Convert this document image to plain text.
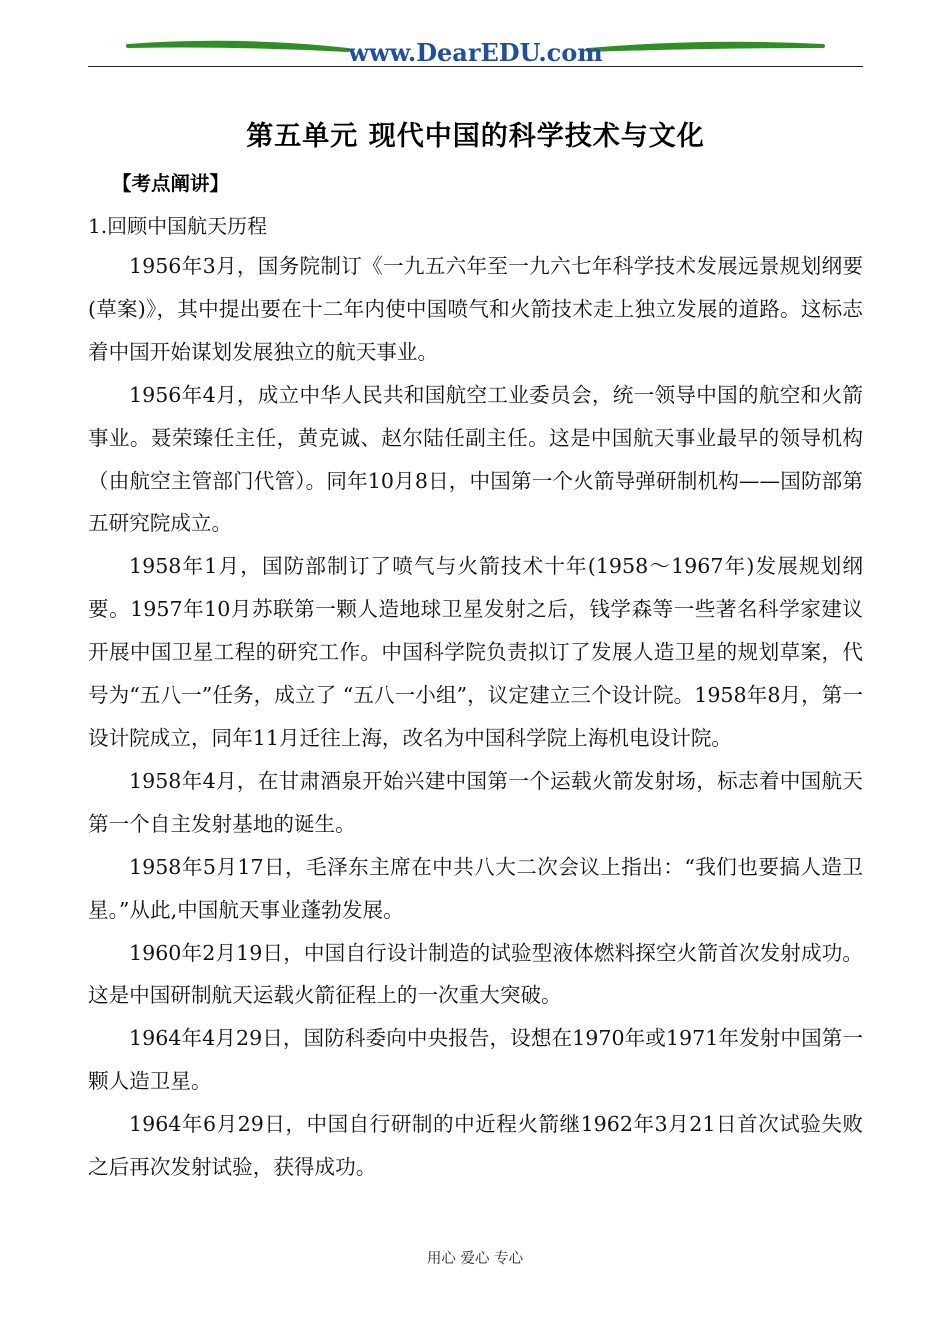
www.DearEDU.com
第五单元 现代中国的科学技术与文化
【考点阐讲】
1.回顾中国航天历程

1956年3月，国务院制订《一九五六年至一九六七年科学技术发展远景规划纲要(草案)》，其中提出要在十二年内使中国喷气和火箭技术走上独立发展的道路。这标志着中国开始谋划发展独立的航天事业。

1956年4月，成立中华人民共和国航空工业委员会，统一领导中国的航空和火箭事业。聂荣臻任主任，黄克诚、赵尔陆任副主任。这是中国航天事业最早的领导机构（由航空主管部门代管）。同年10月8日，中国第一个火箭导弹研制机构——国防部第五研究院成立。

1958年1月，国防部制订了喷气与火箭技术十年(1958～1967年)发展规划纲要。1957年10月苏联第一颗人造地球卫星发射之后，钱学森等一些著名科学家建议开展中国卫星工程的研究工作。中国科学院负责拟订了发展人造卫星的规划草案，代号为“五八一”任务，成立了 “五八一小组”，议定建立三个设计院。1958年8月，第一设计院成立，同年11月迁往上海，改名为中国科学院上海机电设计院。

1958年4月，在甘肃酒泉开始兴建中国第一个运载火箭发射场，标志着中国航天第一个自主发射基地的诞生。

1958年5月17日，毛泽东主席在中共八大二次会议上指出：“我们也要搞人造卫星。”从此,中国航天事业蓬勃发展。

1960年2月19日，中国自行设计制造的试验型液体燃料探空火箭首次发射成功。这是中国研制航天运载火箭征程上的一次重大突破。

1964年4月29日，国防科委向中央报告，设想在1970年或1971年发射中国第一颗人造卫星。

1964年6月29日，中国自行研制的中近程火箭继1962年3月21日首次试验失败之后再次发射试验，获得成功。

用心 爱心 专心
